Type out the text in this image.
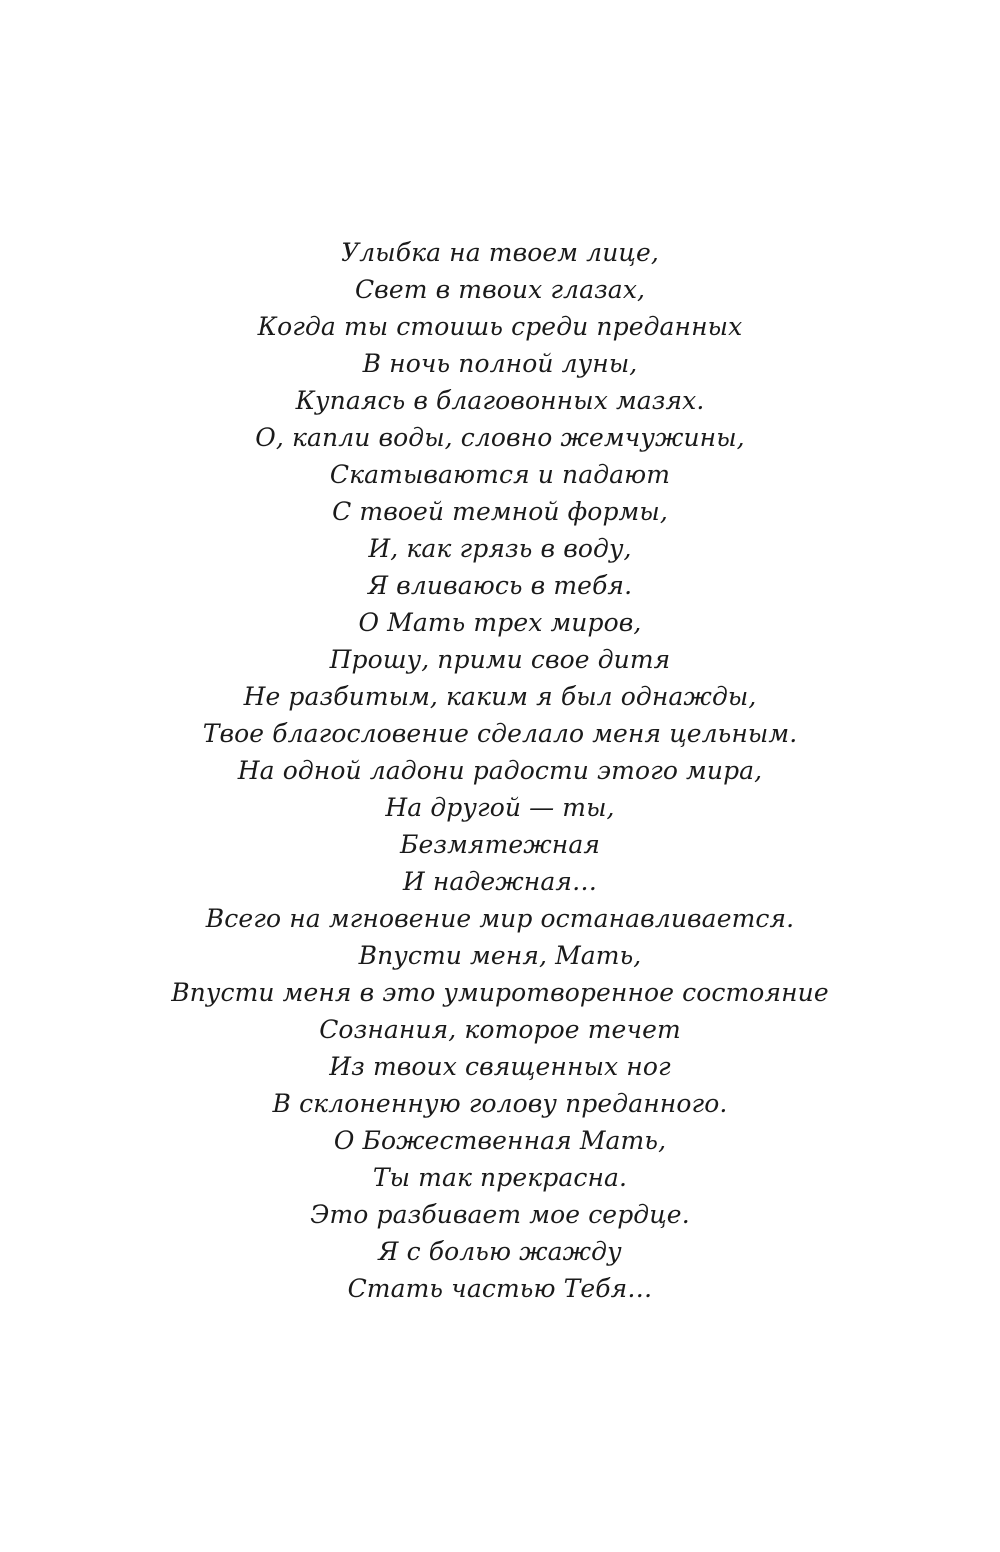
Улыбка на твоем лице,
Свет в твоих глазах,
Когда ты стоишь среди преданных
В ночь полной луны,
Купаясь в благовонных мазях.
О, капли воды, словно жемчужины,
Скатываются и падают
С твоей темной формы,
И, как грязь в воду,
Я вливаюсь в тебя.
О Мать трех миров,
Прошу, прими свое дитя
Не разбитым, каким я был однажды,
Твое благословение сделало меня цельным.
На одной ладони радости этого мира,
На другой — ты,
Безмятежная
И надежная…
Всего на мгновение мир останавливается.
Впусти меня, Мать,
Впусти меня в это умиротворенное состояние
Сознания, которое течет
Из твоих священных ног
В склоненную голову преданного.
О Божественная Мать,
Ты так прекрасна.
Это разбивает мое сердце.
Я с болью жажду
Стать частью Тебя…
